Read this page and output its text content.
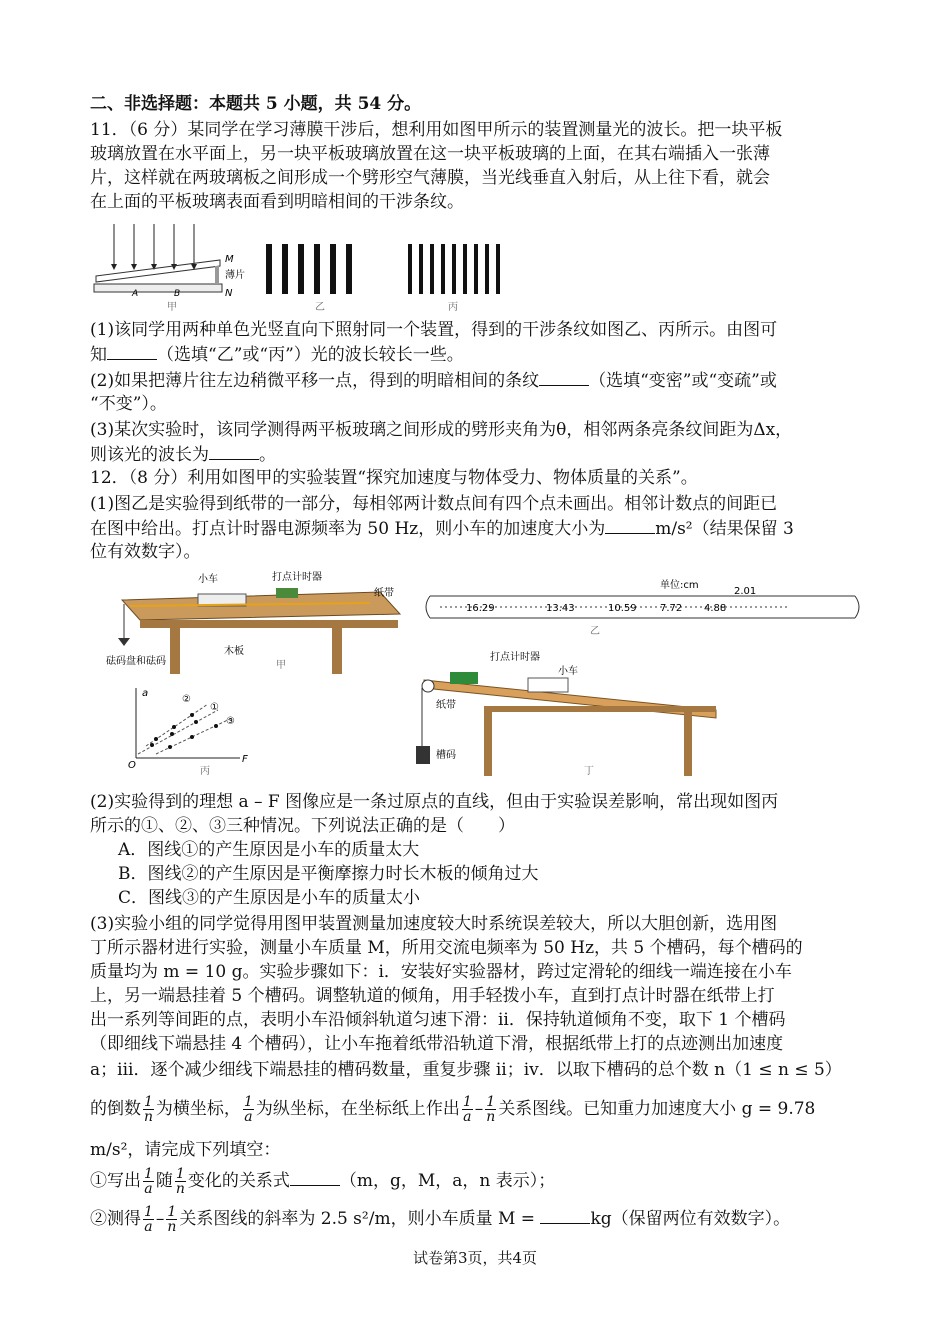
二、非选择题：本题共 5 小题，共 54 分。
11．（6 分）某同学在学习薄膜干涉后，想利用如图甲所示的装置测量光的波长。把一块平板
玻璃放置在水平面上，另一块平板玻璃放置在这一块平板玻璃的上面，在其右端插入一张薄
片，这样就在两玻璃板之间形成一个劈形空气薄膜，当光线垂直入射后，从上往下看，就会
在上面的平板玻璃表面看到明暗相间的干涉条纹。
M
薄片
N
A	B
甲	乙	丙
(1)该同学用两种单色光竖直向下照射同一个装置，得到的干涉条纹如图乙、丙所示。由图可
知	（选填“乙”或“丙”）光的波长较长一些。
(2)如果把薄片往左边稍微平移一点，得到的明暗相间的条纹	（选填“变密”或“变疏”或
“不变”）。
(3)某次实验时，该同学测得两平板玻璃之间形成的劈形夹角为θ，相邻两条亮条纹间距为Δx，
则该光的波长为	。
12．（8 分）利用如图甲的实验装置“探究加速度与物体受力、物体质量的关系”。
(1)图乙是实验得到纸带的一部分，每相邻两计数点间有四个点未画出。相邻计数点的间距已
在图中给出。打点计时器电源频率为 50 Hz，则小车的加速度大小为	m/s²（结果保留 3
位有效数字）。
小车	打点计时器
纸带
木板
砝码盘和砝码	甲
单位:cm
16.29	13.43	10.59 7.72 4.88
2.01
乙
a
F
O
①
②
③
丙
打点计时器
小车
纸带
槽码
丁
(2)实验得到的理想 a – F 图像应是一条过原点的直线，但由于实验误差影响，常出现如图丙
所示的①、②、③三种情况。下列说法正确的是（　　）
A．图线①的产生原因是小车的质量太大
B．图线②的产生原因是平衡摩擦力时长木板的倾角过大
C．图线③的产生原因是小车的质量太小
(3)实验小组的同学觉得用图甲装置测量加速度较大时系统误差较大，所以大胆创新，选用图
丁所示器材进行实验，测量小车质量 M，所用交流电频率为 50 Hz，共 5 个槽码，每个槽码的
质量均为 m = 10 g。实验步骤如下：i．安装好实验器材，跨过定滑轮的细线一端连接在小车
上，另一端悬挂着 5 个槽码。调整轨道的倾角，用手轻拨小车，直到打点计时器在纸带上打
出一系列等间距的点，表明小车沿倾斜轨道匀速下滑：ii．保持轨道倾角不变，取下 1 个槽码
（即细线下端悬挂 4 个槽码），让小车拖着纸带沿轨道下滑，根据纸带上打的点迹测出加速度
a；iii．逐个减少细线下端悬挂的槽码数量，重复步骤 ii；iv．以取下槽码的总个数 n（1 ≤ n ≤ 5）
的倒数 $\frac{1}{n}$ 为横坐标， $\frac{1}{a}$ 为纵坐标，在坐标纸上作出 $\frac{1}{a} - \frac{1}{n}$ 关系图线。已知重力加速度大小 g = 9.78
m/s²，请完成下列填空：
①写出 $\frac{1}{a}$ 随 $\frac{1}{n}$ 变化的关系式	（m，g，M，a，n 表示）；
②测得 $\frac{1}{a} - \frac{1}{n}$ 关系图线的斜率为 2.5 s²/m，则小车质量 M =	kg（保留两位有效数字）。
试卷第3页，共4页
